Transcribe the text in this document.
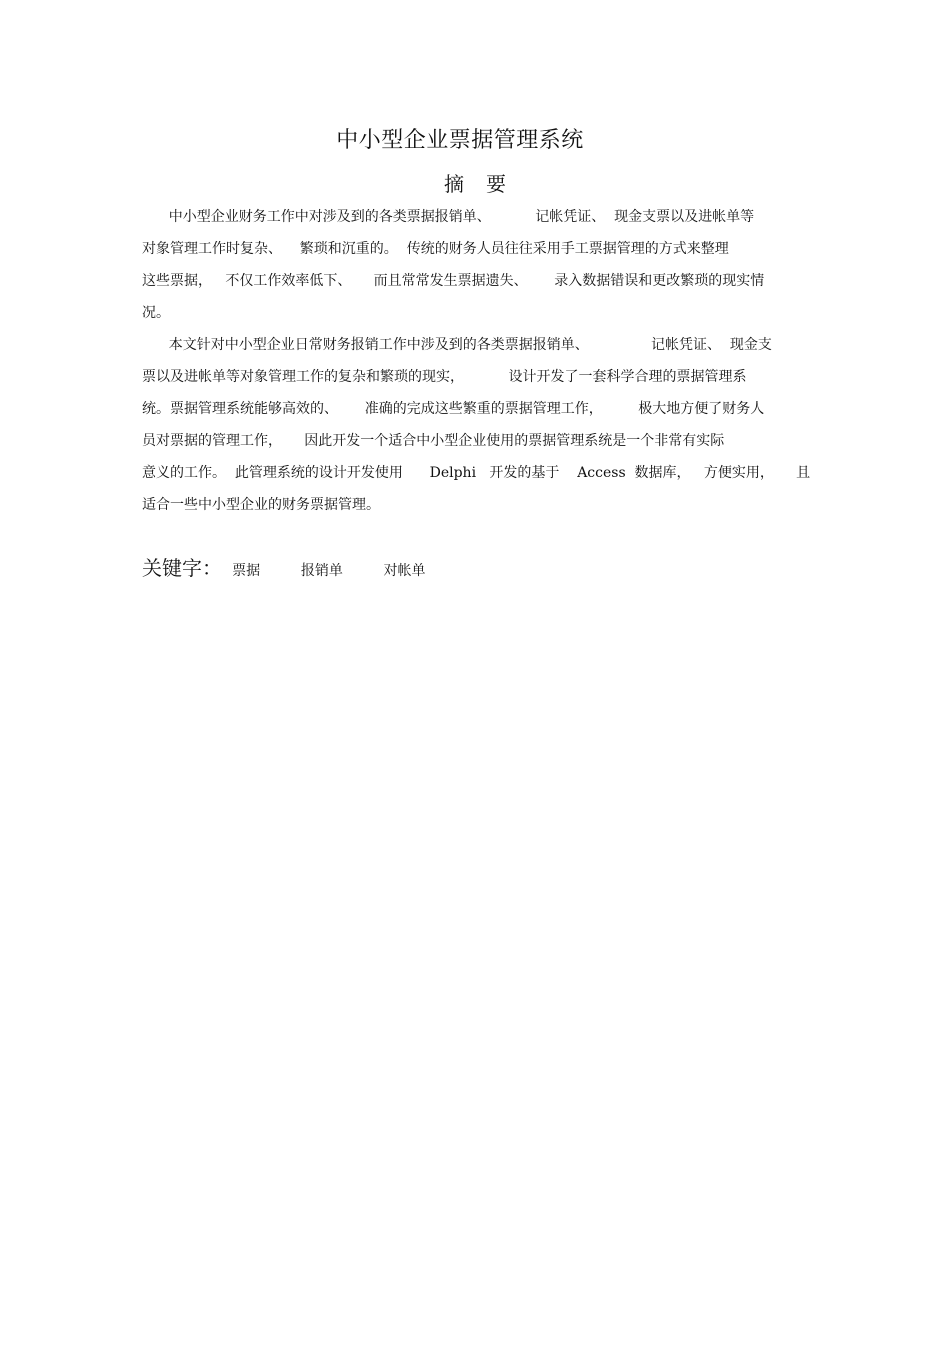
中小型企业票据管理系统
摘 要
中小型企业财务工作中对涉及到的各类票据报销单、          记帐凭证、  现金支票以及进帐单等
对象管理工作时复杂、    繁琐和沉重的。  传统的财务人员往往采用手工票据管理的方式来整理
这些票据，   不仅工作效率低下、     而且常常发生票据遗失、      录入数据错误和更改繁琐的现实情
况。
本文针对中小型企业日常财务报销工作中涉及到的各类票据报销单、              记帐凭证、  现金支
票以及进帐单等对象管理工作的复杂和繁琐的现实，          设计开发了一套科学合理的票据管理系
统。票据管理系统能够高效的、      准确的完成这些繁重的票据管理工作，        极大地方便了财务人
员对票据的管理工作，     因此开发一个适合中小型企业使用的票据管理系统是一个非常有实际
意义的工作。  此管理系统的设计开发使用      Delphi   开发的基于    Access  数据库，   方便实用，     且
适合一些中小型企业的财务票据管理。
关键字： 票据	报销单	对帐单
